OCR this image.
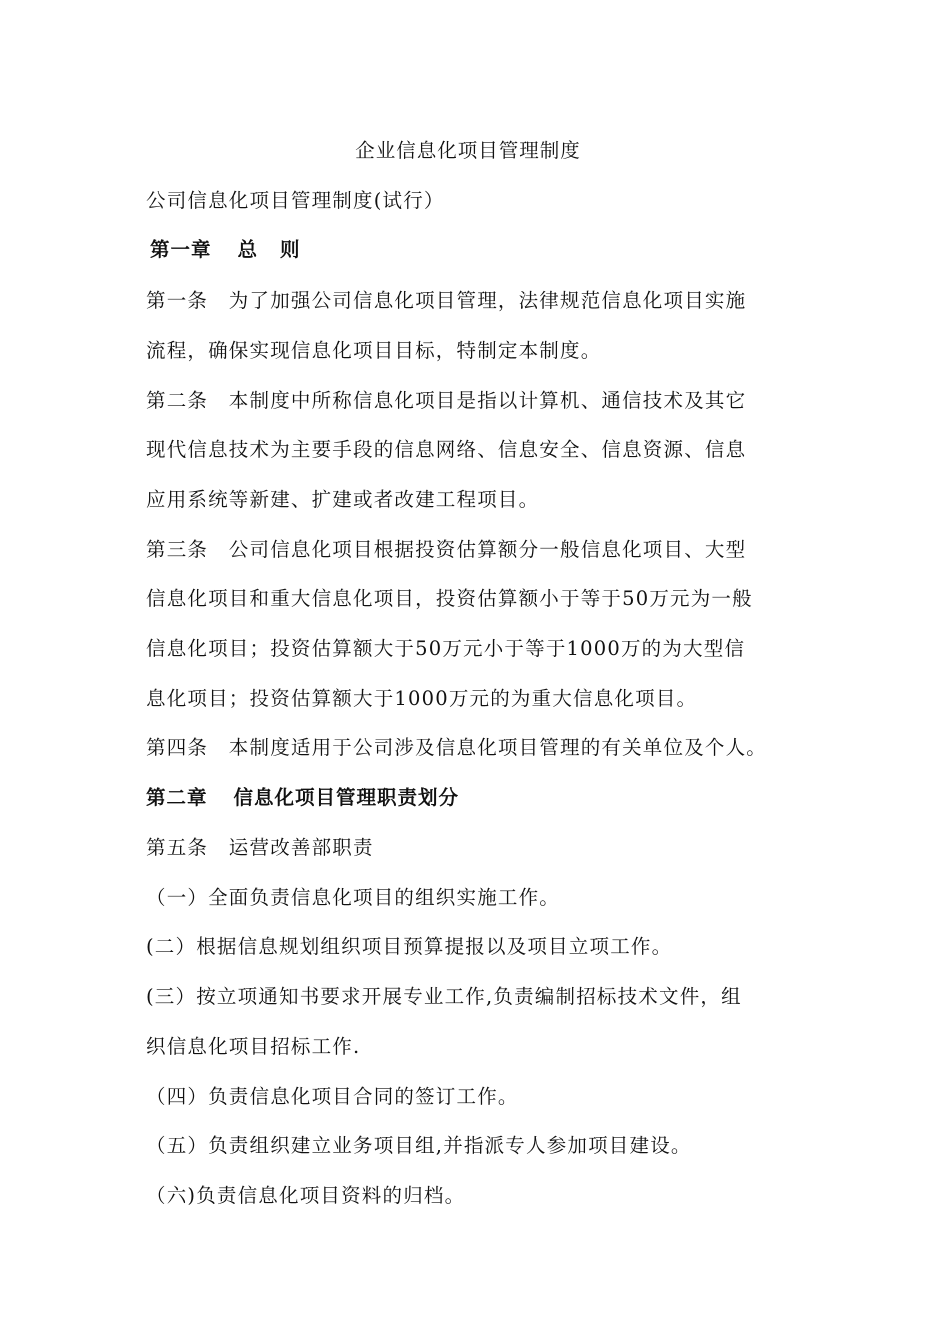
企业信息化项目管理制度
公司信息化项目管理制度(试行）
第一章 总 则
第一条　为了加强公司信息化项目管理，法律规范信息化项目实施
流程，确保实现信息化项目目标，特制定本制度。
第二条　本制度中所称信息化项目是指以计算机、通信技术及其它
现代信息技术为主要手段的信息网络、信息安全、信息资源、信息
应用系统等新建、扩建或者改建工程项目。
第三条　公司信息化项目根据投资估算额分一般信息化项目、大型
信息化项目和重大信息化项目，投资估算额小于等于50万元为一般
信息化项目；投资估算额大于50万元小于等于1000万的为大型信
息化项目；投资估算额大于1000万元的为重大信息化项目。
第四条　本制度适用于公司涉及信息化项目管理的有关单位及个人。
第二章 信息化项目管理职责划分
第五条　运营改善部职责
（一）全面负责信息化项目的组织实施工作。
(二）根据信息规划组织项目预算提报以及项目立项工作。
(三）按立项通知书要求开展专业工作,负责编制招标技术文件，组
织信息化项目招标工作.
（四）负责信息化项目合同的签订工作。
（五）负责组织建立业务项目组,并指派专人参加项目建设。
（六)负责信息化项目资料的归档。
